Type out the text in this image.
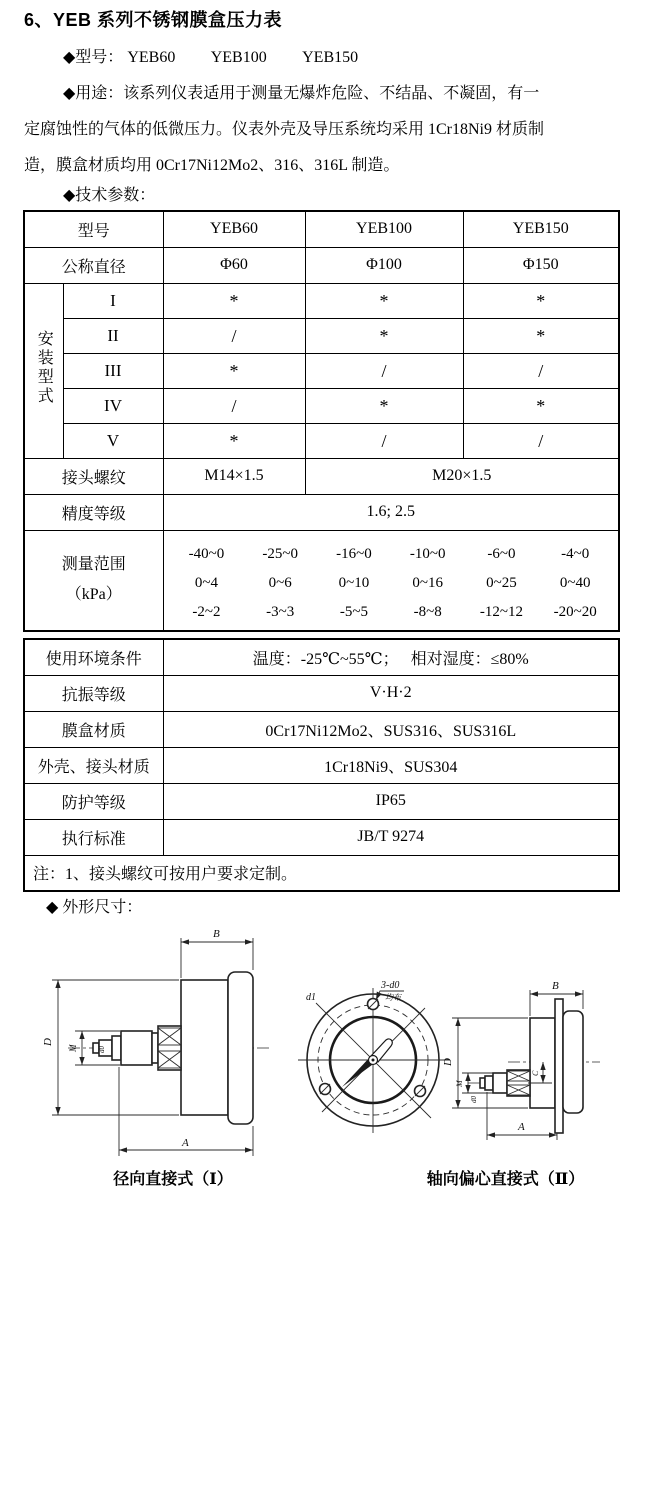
6、YEB 系列不锈钢膜盒压力表
◆型号： YEB60 YEB100 YEB150
◆用途：该系列仪表适用于测量无爆炸危险、不结晶、不凝固，有一
定腐蚀性的气体的低微压力。仪表外壳及导压系统均采用 1Cr18Ni9 材质制
造，膜盒材质均用 0Cr17Ni12Mo2、316、316L 制造。
◆技术参数：
型号		YEB60	YEB100	YEB150
公称直径		Φ60	Φ100	Φ150
安装型式	I	*	*	*
	II	/	*	*
	III	*	/	/
	IV	/	*	*
	V	*	/	/
接头螺纹		M14×1.5	M20×1.5	
精度等级		1.6; 2.5		

测量范围
（kPa）

-40~0	-25~0	-16~0	-10~0	-6~0	-4~0
0~4	0~6	0~10	0~16	0~25	0~40
-2~2	-3~3	-5~5	-8~8	-12~12	-20~20
使用环境条件	温度：-25℃~55℃；   相对湿度：≤80%
抗振等级	V·H·2
膜盒材质	0Cr17Ni12Mo2、SUS316、SUS316L
外壳、接头材质	1Cr18Ni9、SUS304
防护等级	IP65
执行标准	JB/T 9274
注：1、接头螺纹可按用户要求定制。	
◆ 外形尺寸：
B
D
M	d0
A
d1
3-d0
均布
B
D
M
d0
C
A
径向直接式（Ⅰ）	轴向偏心直接式（Ⅱ）
